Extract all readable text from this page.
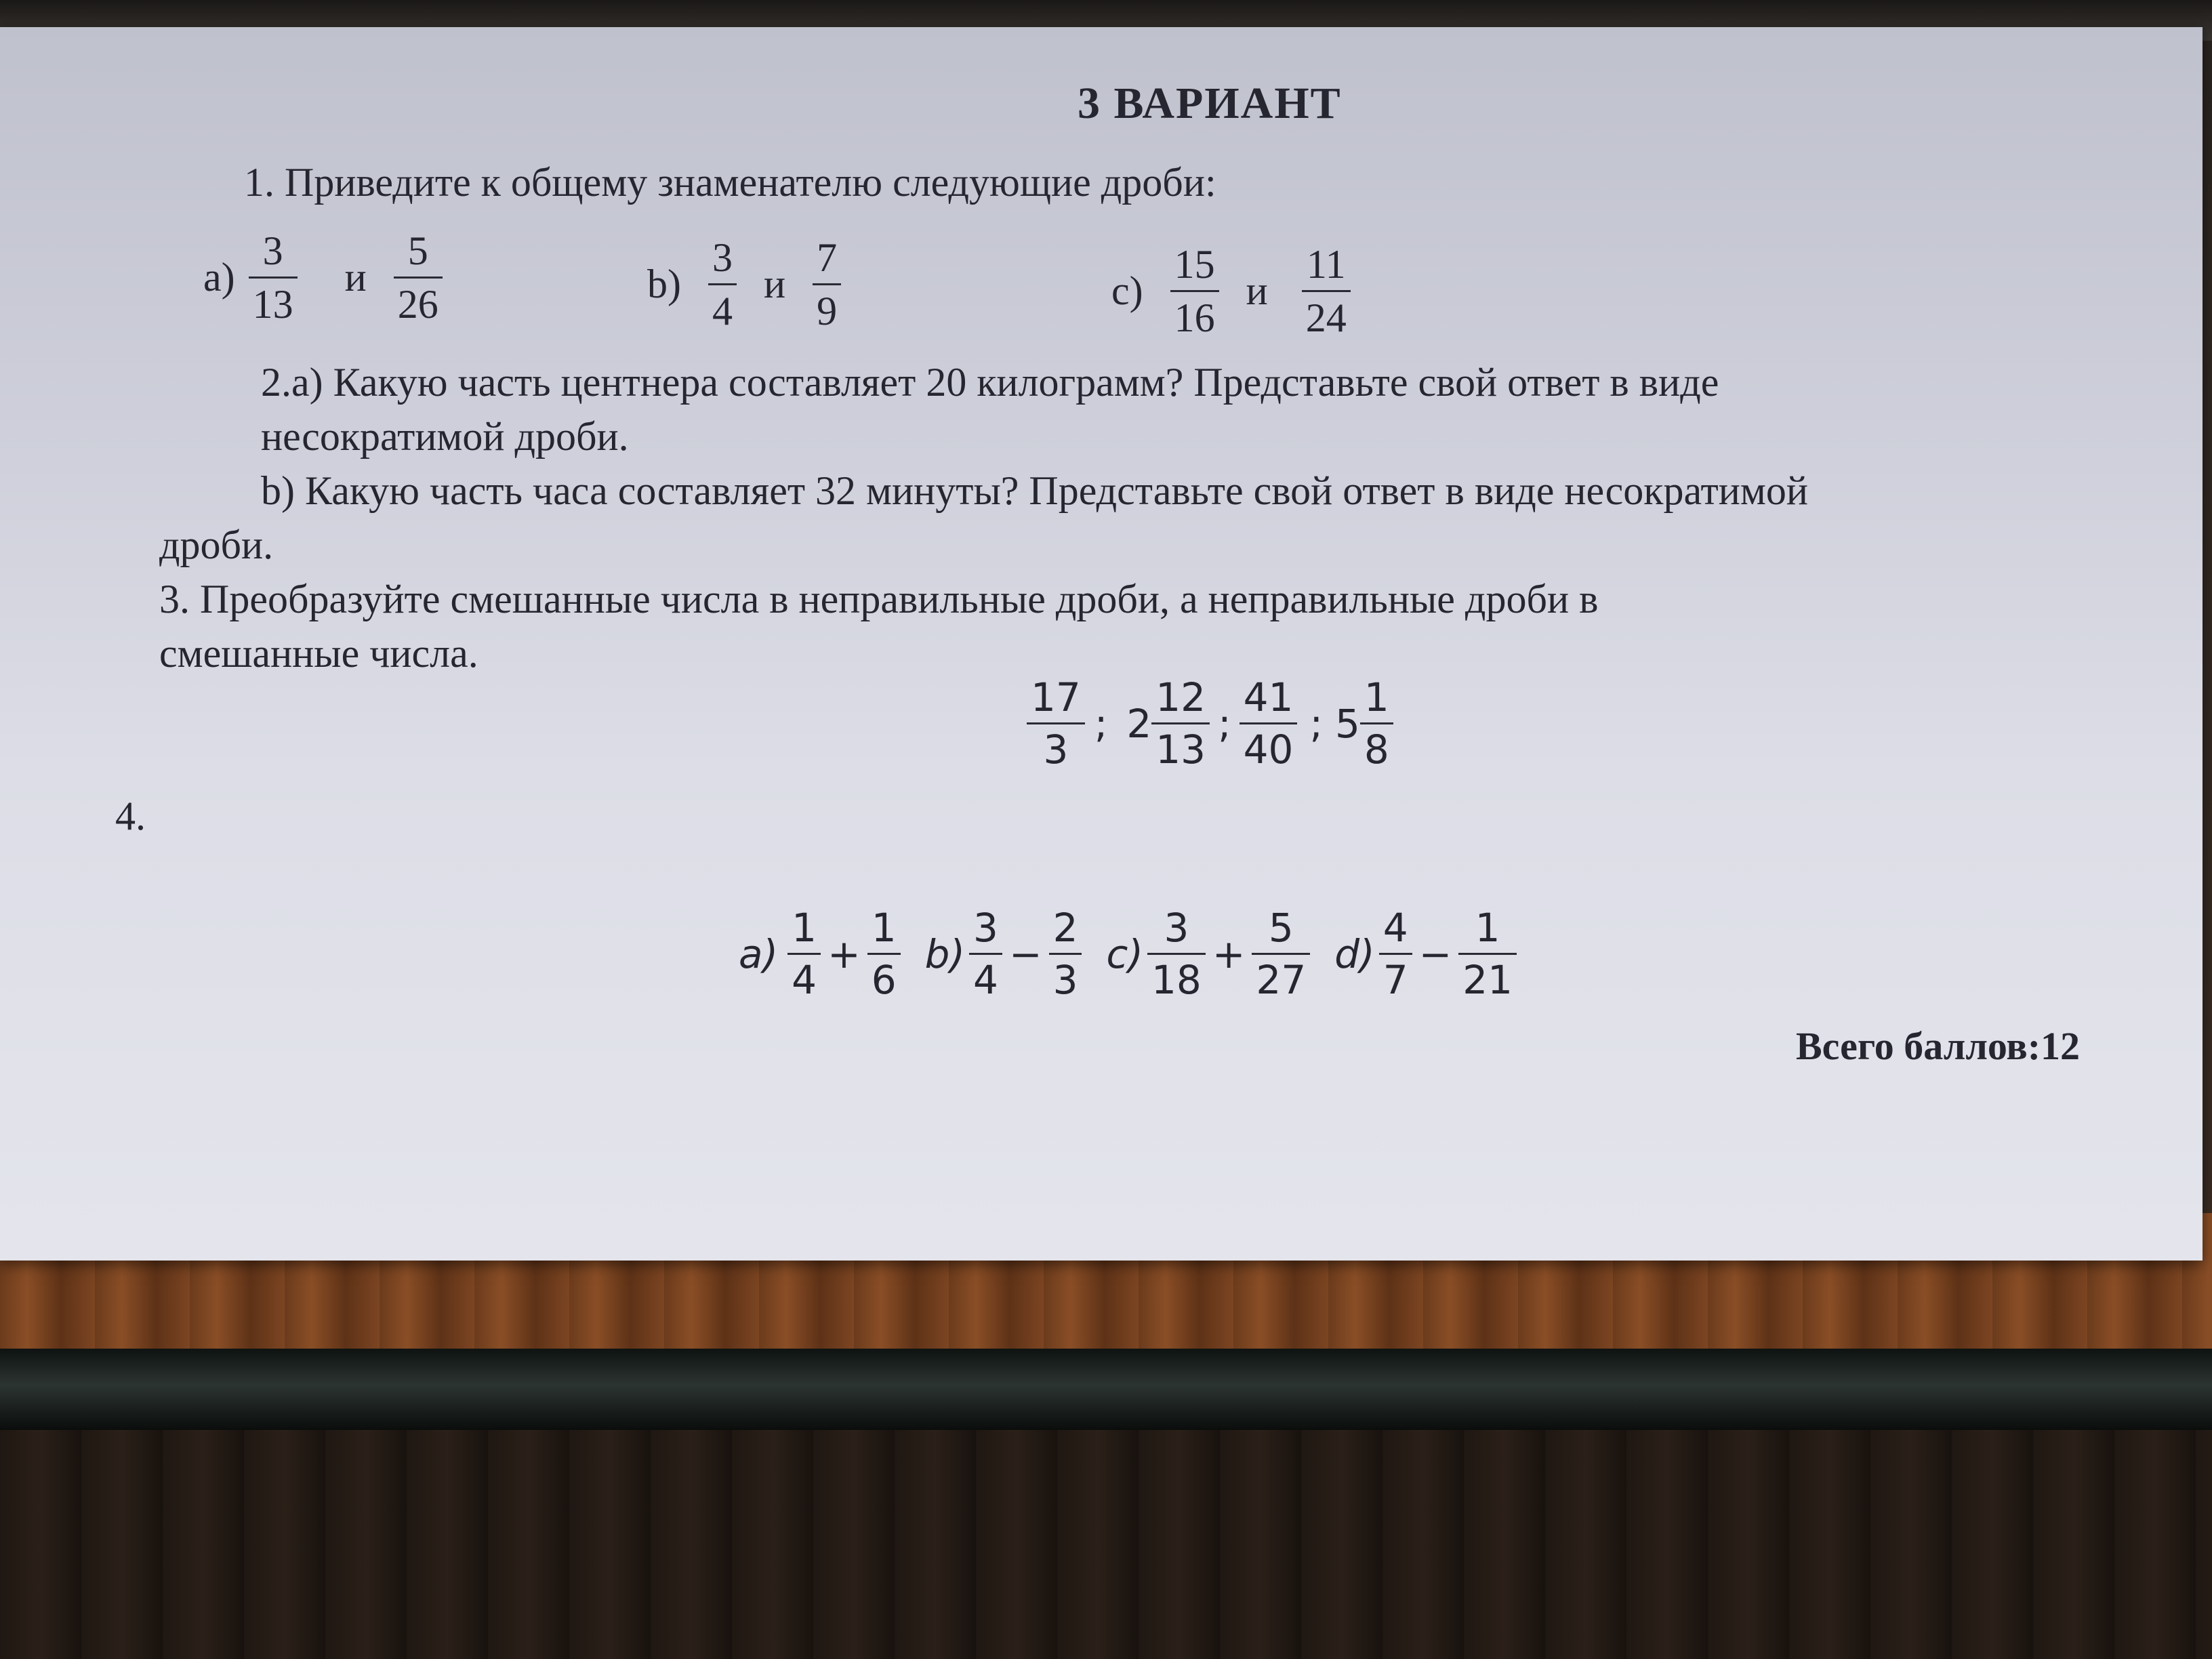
3 ВАРИАНТ
1. Приведите к общему знаменателю следующие дроби:
$a) \frac{3}{13}$ и $\frac{5}{26}$	$b) \frac{3}{4}$ и $\frac{7}{9}$	$c) \frac{15}{16}$ и $\frac{11}{24}$
2.a) Какую часть центнера составляет 20 килограмм? Представьте свой ответ в виде
несократимой дроби.
b) Какую часть часа составляет 32 минуты? Представьте свой ответ в виде несократимой
дроби.
3. Преобразуйте смешанные числа в неправильные дроби, а неправильные дроби в
смешанные числа.
$\frac{17}{3}$ ; $2 \frac{12}{13}$ ; $\frac{41}{40}$ ; $5 \frac{1}{8}$
4.
$a) \frac{1}{4} + \frac{1}{6} b) \frac{3}{4} - \frac{2}{3} c) \frac{3}{18} + \frac{5}{27} d) \frac{4}{7} - \frac{1}{21}$
Всего баллов:12
